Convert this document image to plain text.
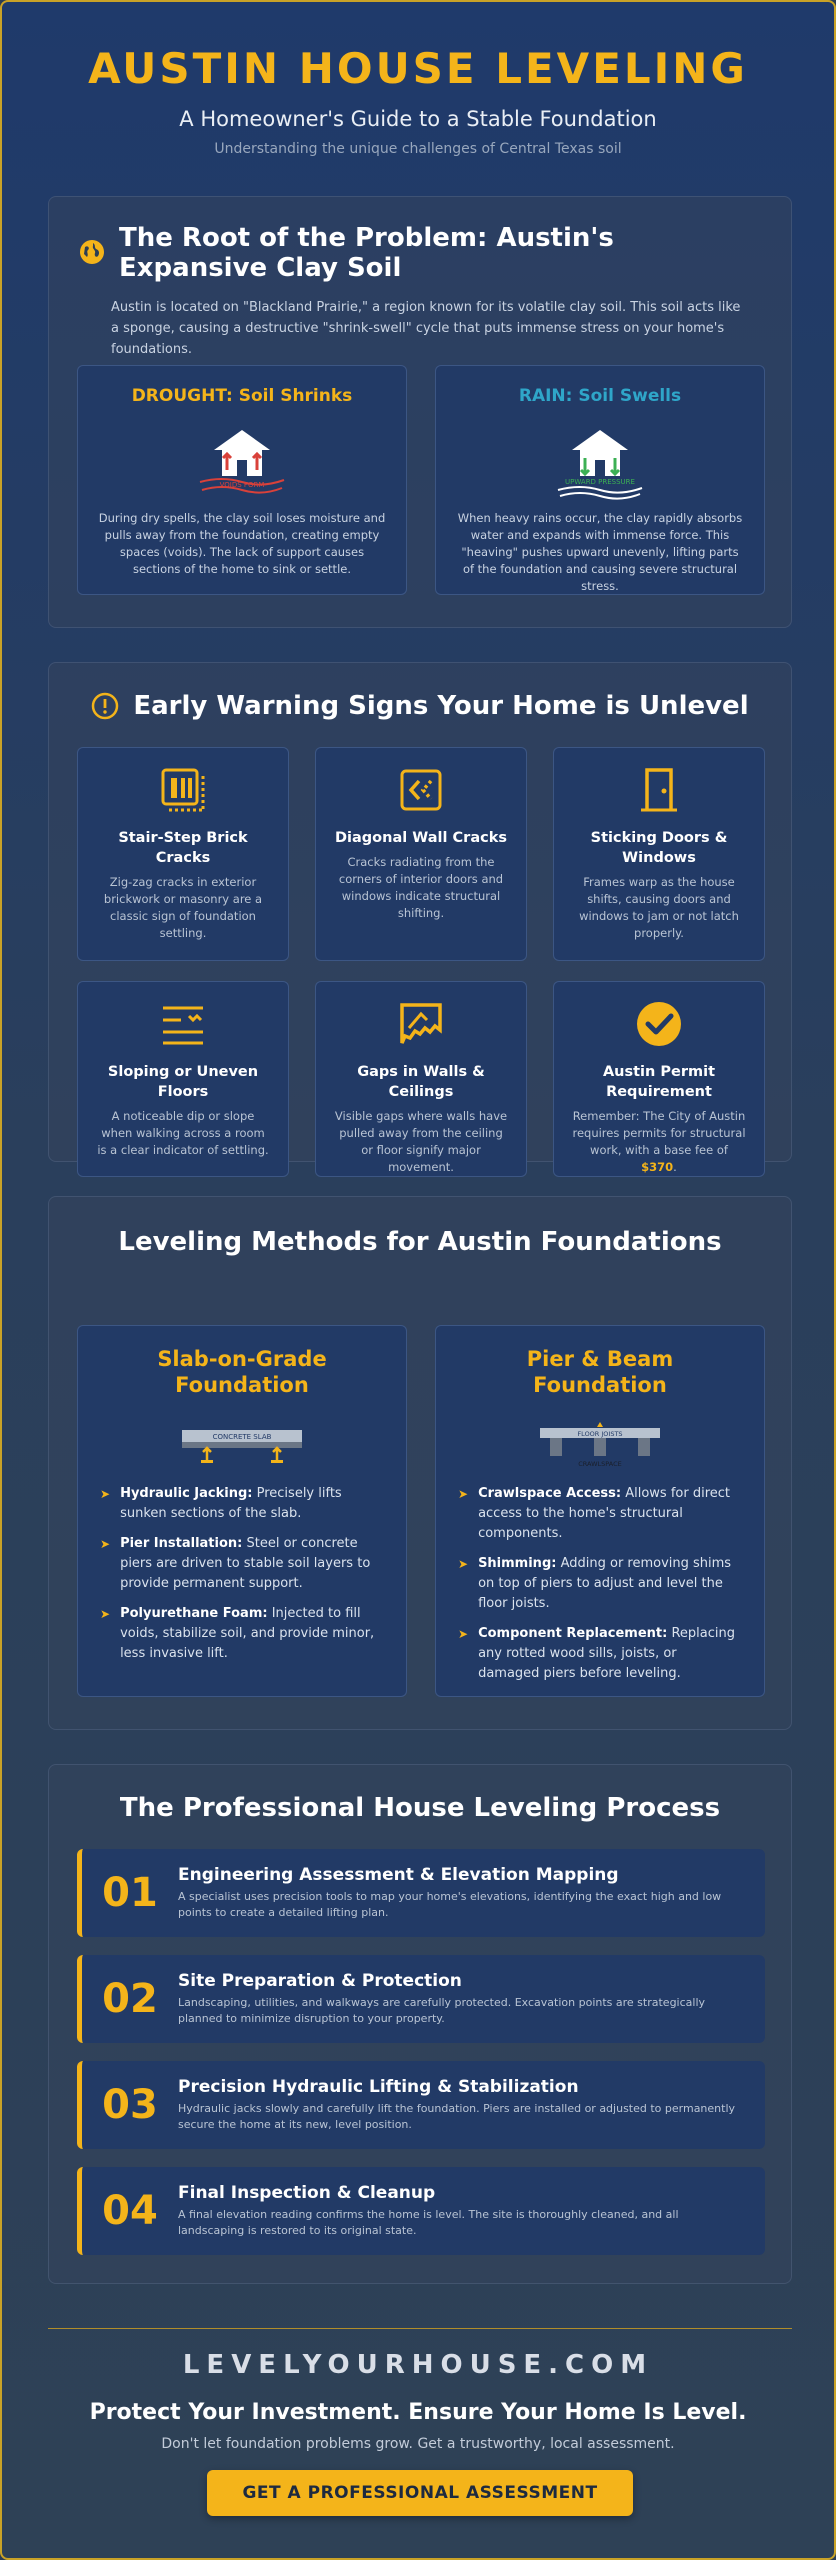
AUSTIN HOUSE LEVELING
A Homeowner's Guide to a Stable Foundation
Understanding the unique challenges of Central Texas soil
The Root of the Problem: Austin's Expansive Clay Soil

Austin is located on "Blackland Prairie," a region known for its volatile clay soil. This soil acts like a sponge, causing a destructive "shrink-swell" cycle that puts immense stress on your home's foundations.

DROUGHT: Soil Shrinks
VOIDS FORM

During dry spells, the clay soil loses moisture and pulls away from the foundation, creating empty spaces (voids). The lack of support causes sections of the home to sink or settle.

RAIN: Soil Swells
UPWARD PRESSURE

When heavy rains occur, the clay rapidly absorbs water and expands with immense force. This "heaving" pushes upward unevenly, lifting parts of the foundation and causing severe structural stress.

Early Warning Signs Your Home is Unlevel
Stair-Step Brick Cracks

Zig-zag cracks in exterior brickwork or masonry are a classic sign of foundation settling.

Diagonal Wall Cracks

Cracks radiating from the corners of interior doors and windows indicate structural shifting.

Sticking Doors & Windows

Frames warp as the house shifts, causing doors and windows to jam or not latch properly.

Sloping or Uneven Floors

A noticeable dip or slope when walking across a room is a clear indicator of settling.

Gaps in Walls & Ceilings

Visible gaps where walls have pulled away from the ceiling or floor signify major movement.

Austin Permit Requirement

Remember: The City of Austin requires permits for structural work, with a base fee of $370.

Leveling Methods for Austin Foundations
Slab-on-Grade Foundation
CONCRETE SLAB
➤ Hydraulic Jacking: Precisely lifts sunken sections of the slab.
➤ Pier Installation: Steel or concrete piers are driven to stable soil layers to provide permanent support.
➤ Polyurethane Foam: Injected to fill voids, stabilize soil, and provide minor, less invasive lift.
Pier & Beam Foundation
FLOOR JOISTS
CRAWLSPACE
➤ Crawlspace Access: Allows for direct access to the home's structural components.
➤ Shimming: Adding or removing shims on top of piers to adjust and level the floor joists.
➤ Component Replacement: Replacing any rotted wood sills, joists, or damaged piers before leveling.
The Professional House Leveling Process
01	Engineering Assessment & Elevation Mapping

A specialist uses precision tools to map your home's elevations, identifying the exact high and low points to create a detailed lifting plan.

02	Site Preparation & Protection

Landscaping, utilities, and walkways are carefully protected. Excavation points are strategically planned to minimize disruption to your property.

03	Precision Hydraulic Lifting & Stabilization

Hydraulic jacks slowly and carefully lift the foundation. Piers are installed or adjusted to permanently secure the home at its new, level position.

04	Final Inspection & Cleanup

A final elevation reading confirms the home is level. The site is thoroughly cleaned, and all landscaping is restored to its original state.

LEVELYOURHOUSE.COM
Protect Your Investment. Ensure Your Home Is Level.
Don't let foundation problems grow. Get a trustworthy, local assessment.
GET A PROFESSIONAL ASSESSMENT
